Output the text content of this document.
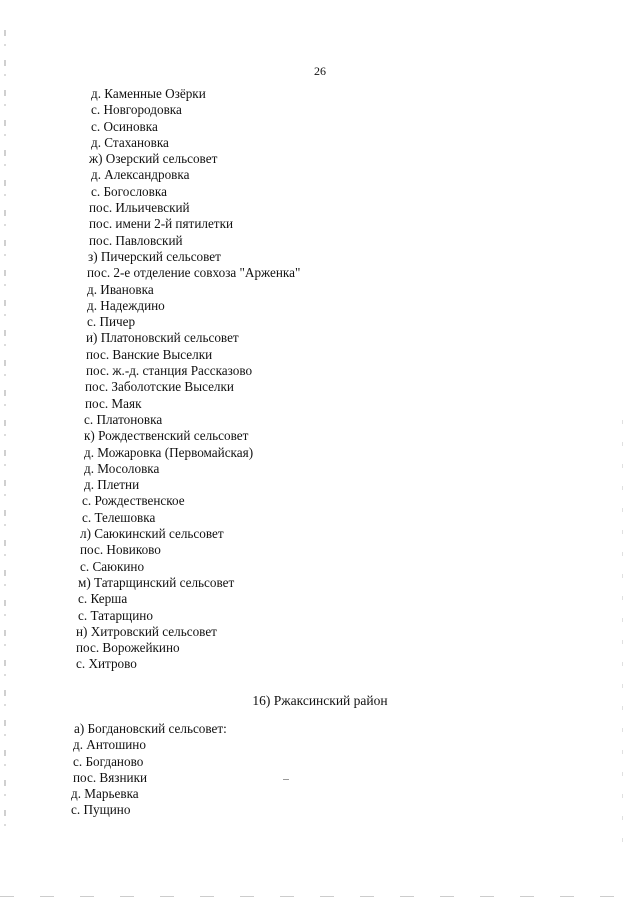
26
д. Каменные Озёрки
с. Новгородовка
с. Осиновка
д. Стахановка
ж) Озерский сельсовет
д. Александровка
с. Богословка
пос. Ильичевский
пос. имени 2-й пятилетки
пос. Павловский
з) Пичерский сельсовет
пос. 2-е отделение совхоза "Арженка"
д. Ивановка
д. Надеждино
с. Пичер
и) Платоновский сельсовет
пос. Ванские Выселки
пос. ж.-д. станция Рассказово
пос. Заболотские Выселки
пос. Маяк
с. Платоновка
к) Рождественский сельсовет
д. Можаровка (Первомайская)
д. Мосоловка
д. Плетни
с. Рождественское
с. Телешовка
л) Саюкинский сельсовет
пос. Новиково
с. Саюкино
м) Татарщинский сельсовет
с. Керша
с. Татарщино
н) Хитровский сельсовет
пос. Ворожейкино
с. Хитрово
16) Ржаксинский район
а) Богдановский сельсовет:
д. Антошино
с. Богданово
пос. Вязники
д. Марьевка
с. Пущино
